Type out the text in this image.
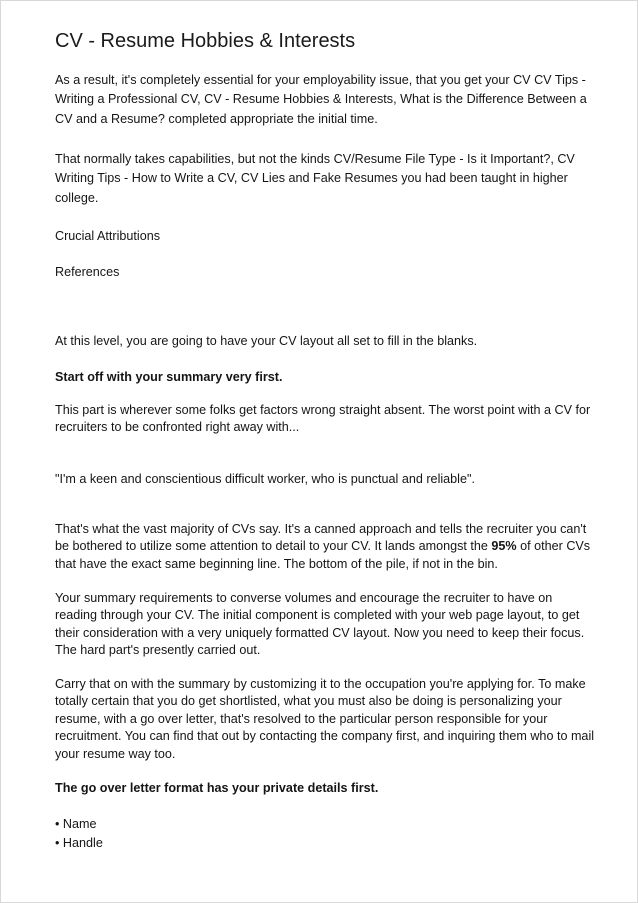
CV - Resume Hobbies & Interests
As a result, it's completely essential for your employability issue, that you get your CV CV Tips - Writing a Professional CV, CV - Resume Hobbies & Interests, What is the Difference Between a CV and a Resume? completed appropriate the initial time.
That normally takes capabilities, but not the kinds CV/Resume File Type - Is it Important?, CV Writing Tips - How to Write a CV, CV Lies and Fake Resumes you had been taught in higher college.
Crucial Attributions
References
At this level, you are going to have your CV layout all set to fill in the blanks.
Start off with your summary very first.
This part is wherever some folks get factors wrong straight absent. The worst point with a CV for recruiters to be confronted right away with...
"I'm a keen and conscientious difficult worker, who is punctual and reliable".
That's what the vast majority of CVs say. It's a canned approach and tells the recruiter you can't be bothered to utilize some attention to detail to your CV. It lands amongst the 95% of other CVs that have the exact same beginning line. The bottom of the pile, if not in the bin.
Your summary requirements to converse volumes and encourage the recruiter to have on reading through your CV. The initial component is completed with your web page layout, to get their consideration with a very uniquely formatted CV layout. Now you need to keep their focus. The hard part's presently carried out.
Carry that on with the summary by customizing it to the occupation you're applying for. To make totally certain that you do get shortlisted, what you must also be doing is personalizing your resume, with a go over letter, that's resolved to the particular person responsible for your recruitment. You can find that out by contacting the company first, and inquiring them who to mail your resume way too.
The go over letter format has your private details first.
• Name
• Handle
